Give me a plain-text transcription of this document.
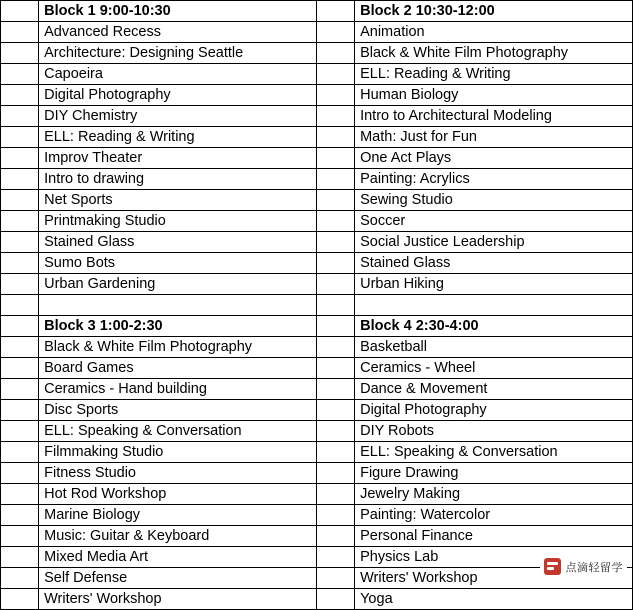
	Block 1 9:00-10:30		Block 2 10:30-12:00
	Advanced Recess		Animation
	Architecture: Designing Seattle		Black & White Film Photography
	Capoeira		ELL: Reading & Writing
	Digital Photography		Human Biology
	DIY Chemistry		Intro to Architectural Modeling
	ELL: Reading & Writing		Math: Just for Fun
	Improv Theater		One Act Plays
	Intro to drawing		Painting: Acrylics
	Net Sports		Sewing Studio
	Printmaking Studio		Soccer
	Stained Glass		Social Justice Leadership
	Sumo Bots		Stained Glass
	Urban Gardening		Urban Hiking

	Block 3 1:00-2:30		Block 4 2:30-4:00
	Black & White Film Photography		Basketball
	Board Games		Ceramics - Wheel
	Ceramics - Hand building		Dance & Movement
	Disc Sports		Digital Photography
	ELL: Speaking & Conversation		DIY Robots
	Filmmaking Studio		ELL: Speaking & Conversation
	Fitness Studio		Figure Drawing
	Hot Rod Workshop		Jewelry Making
	Marine Biology		Painting: Watercolor
	Music: Guitar & Keyboard		Personal Finance
	Mixed Media Art		Physics Lab
	Self Defense		Writers' Workshop
	Writers' Workshop		Yoga
点滴轻留学
